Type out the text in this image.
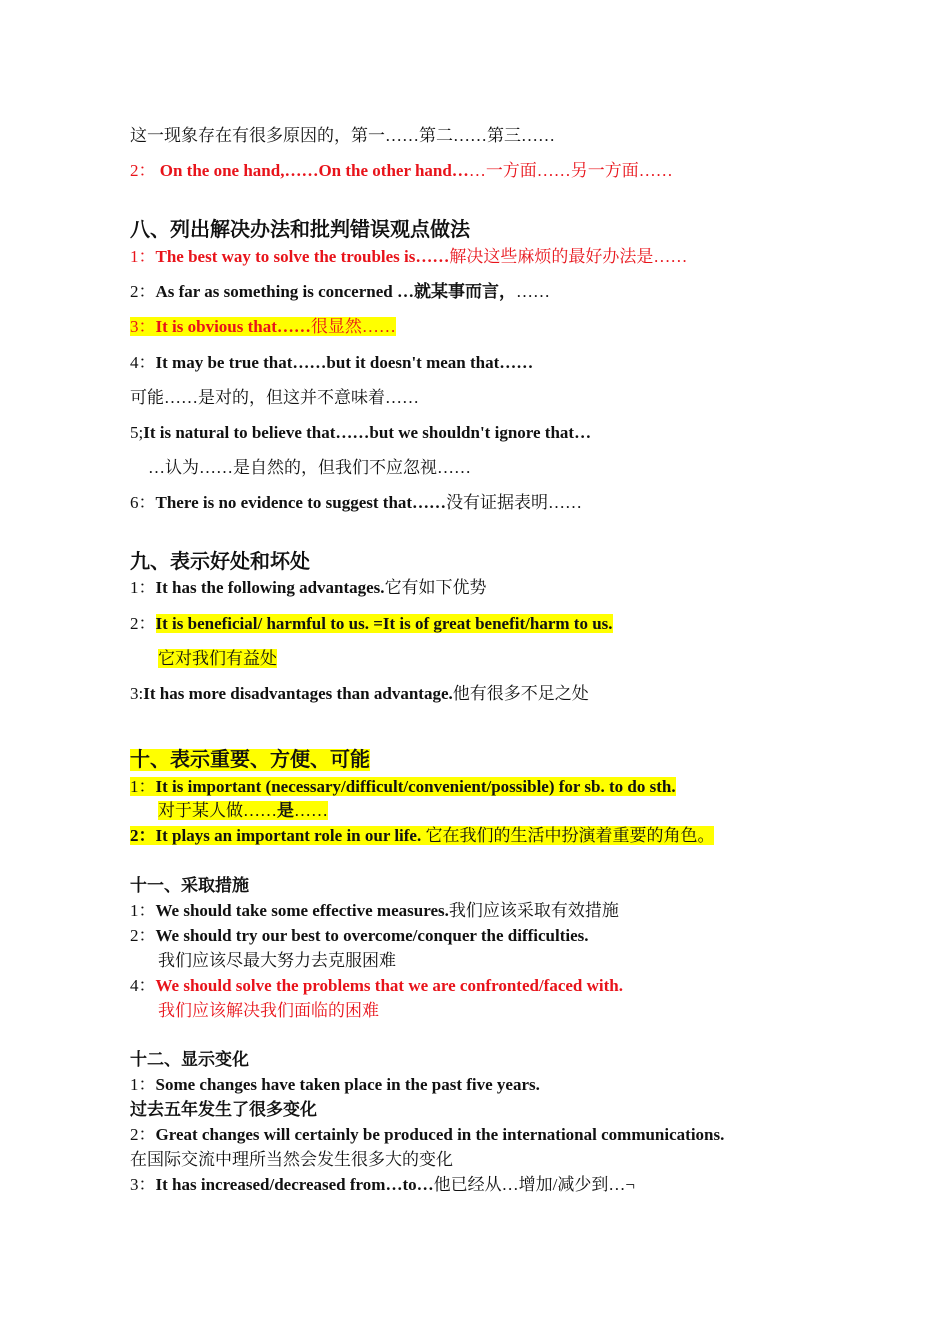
这一现象存在有很多原因的，第一……第二……第三……
2： On the one hand,……On the other hand……一方面……另一方面……
八、列出解决办法和批判错误观点做法
1：The best way to solve the troubles is……解决这些麻烦的最好办法是……
2：As far as something is concerned …就某事而言，……
3：It is obvious that……很显然……
4：It may be true that……but it doesn't mean that……
可能……是对的，但这并不意味着……
5;It is natural to believe that……but we shouldn't ignore that…
…认为……是自然的，但我们不应忽视……
6：There is no evidence to suggest that……没有证据表明……
九、表示好处和坏处
1：It has the following advantages.它有如下优势
2：It is beneficial/ harmful to us. =It is of great benefit/harm to us.
它对我们有益处
3:It has more disadvantages than advantage.他有很多不足之处
十、表示重要、方便、可能
1：It is important (necessary/difficult/convenient/possible) for sb. to do sth.
对于某人做……是……
2：It plays an important role in our life. 它在我们的生活中扮演着重要的角色。
十一、采取措施
1：We should take some effective measures.我们应该采取有效措施
2：We should try our best to overcome/conquer the difficulties.
我们应该尽最大努力去克服困难
4：We should solve the problems that we are confronted/faced with.
我们应该解决我们面临的困难
十二、显示变化
1：Some changes have taken place in the past five years.
过去五年发生了很多变化
2：Great changes will certainly be produced in the international communications.
在国际交流中理所当然会发生很多大的变化
3：It has increased/decreased from…to…他已经从…增加/减少到…¬
